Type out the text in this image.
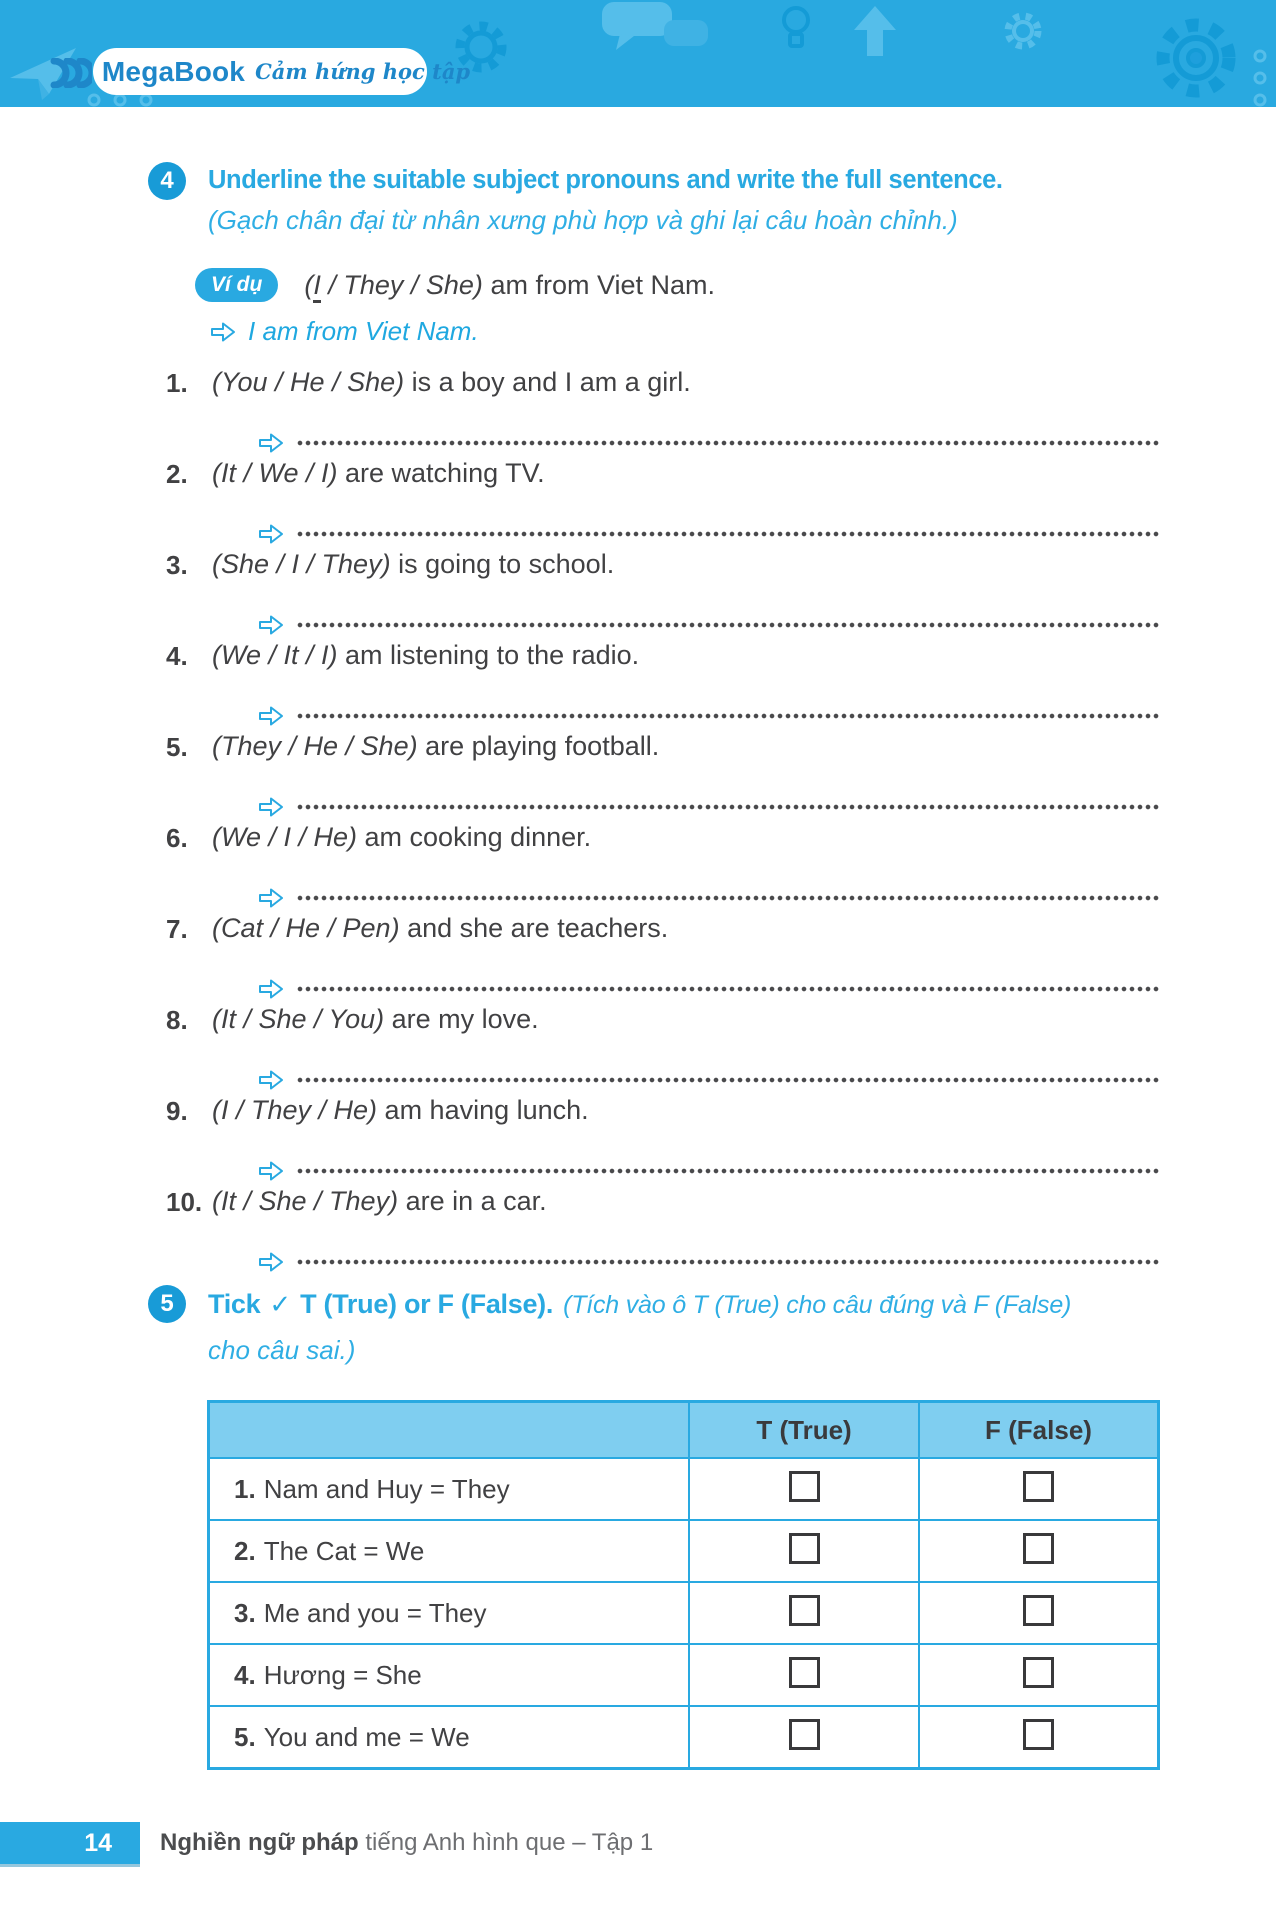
MegaBook Cảm hứng học tập
4	Underline the suitable subject pronouns and write the full sentence.
(Gạch chân đại từ nhân xưng phù hợp và ghi lại câu hoàn chỉnh.)
Ví dụ	(I / They / She) am from Viet Nam.
I am from Viet Nam.
1. (You / He / She) is a boy and I am a girl.
2. (It / We / I) are watching TV.
3. (She / I / They) is going to school.
4. (We / It / I) am listening to the radio.
5. (They / He / She) are playing football.
6. (We / I / He) am cooking dinner.
7. (Cat / He / Pen) and she are teachers.
8. (It / She / You) are my love.
9. (I / They / He) am having lunch.
10. (It / She / They) are in a car.
5	Tick ✓ T (True) or F (False). (Tích vào ô T (True) cho câu đúng và F (False)
cho câu sai.)
	T (True)	F (False)
1. Nam and Huy = They		
2. The Cat = We		
3. Me and you = They		
4. Hương = She		
5. You and me = We		
14	Nghiền ngữ pháp tiếng Anh hình que – Tập 1
